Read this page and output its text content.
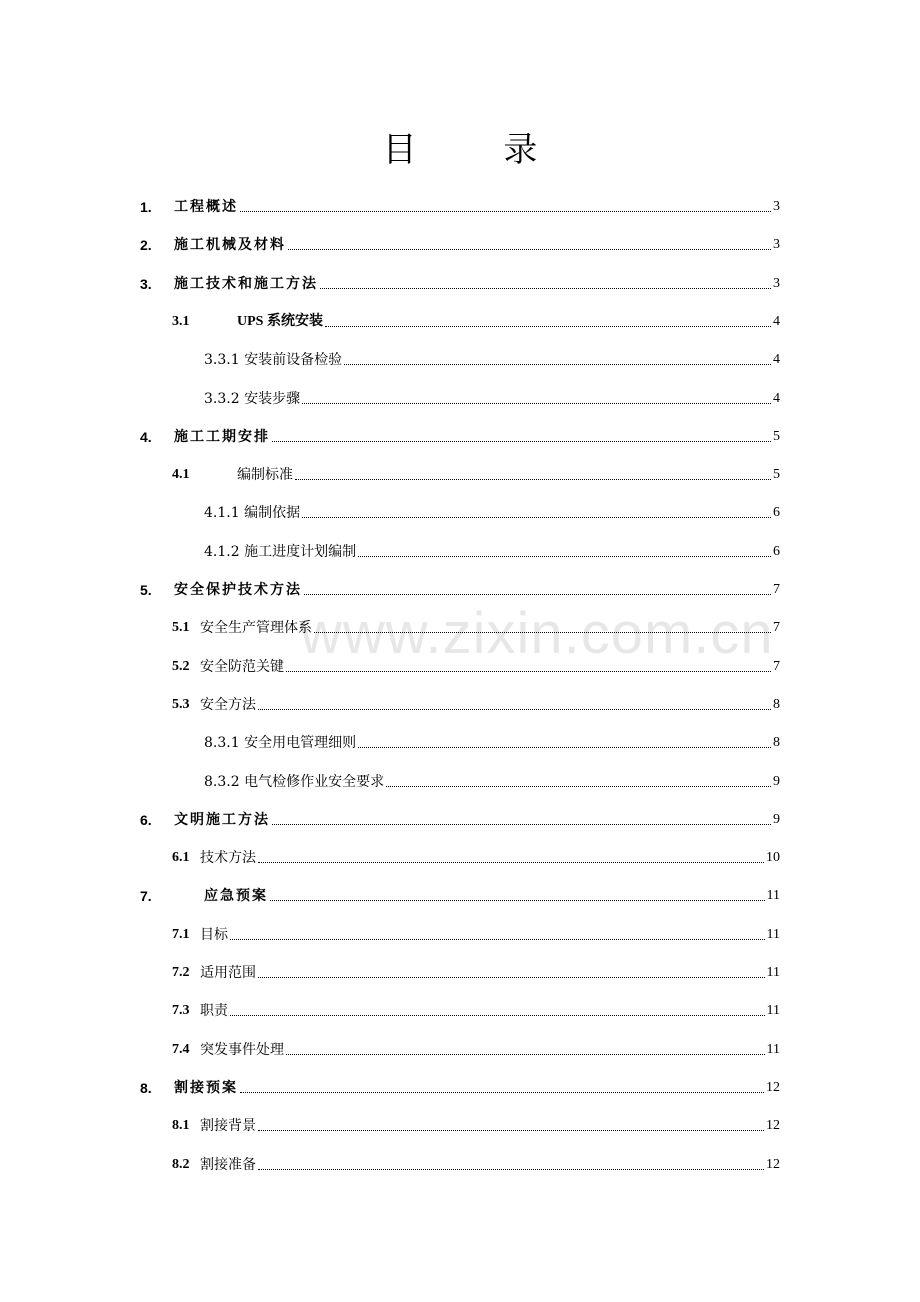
目 录
1.	工程概述	3
2.	施工机械及材料	3
3.	施工技术和施工方法	3
3.1	UPS 系统安装	4
3.3.1 安装前设备检验	4
3.3.2 安装步骤	4
4.	施工工期安排	5
4.1	编制标准	5
4.1.1 编制依据	6
4.1.2 施工进度计划编制	6
5.	安全保护技术方法	7
5.1 安全生产管理体系	7
5.2 安全防范关键	7
5.3 安全方法	8
8.3.1 安全用电管理细则	8
8.3.2 电气检修作业安全要求	9
6.	文明施工方法	9
6.1 技术方法	10
7.	应急预案	11
7.1 目标	11
7.2 适用范围	11
7.3 职责	11
7.4 突发事件处理	11
8.	割接预案	12
8.1 割接背景	12
8.2 割接准备	12
www.zixin.com.cn
